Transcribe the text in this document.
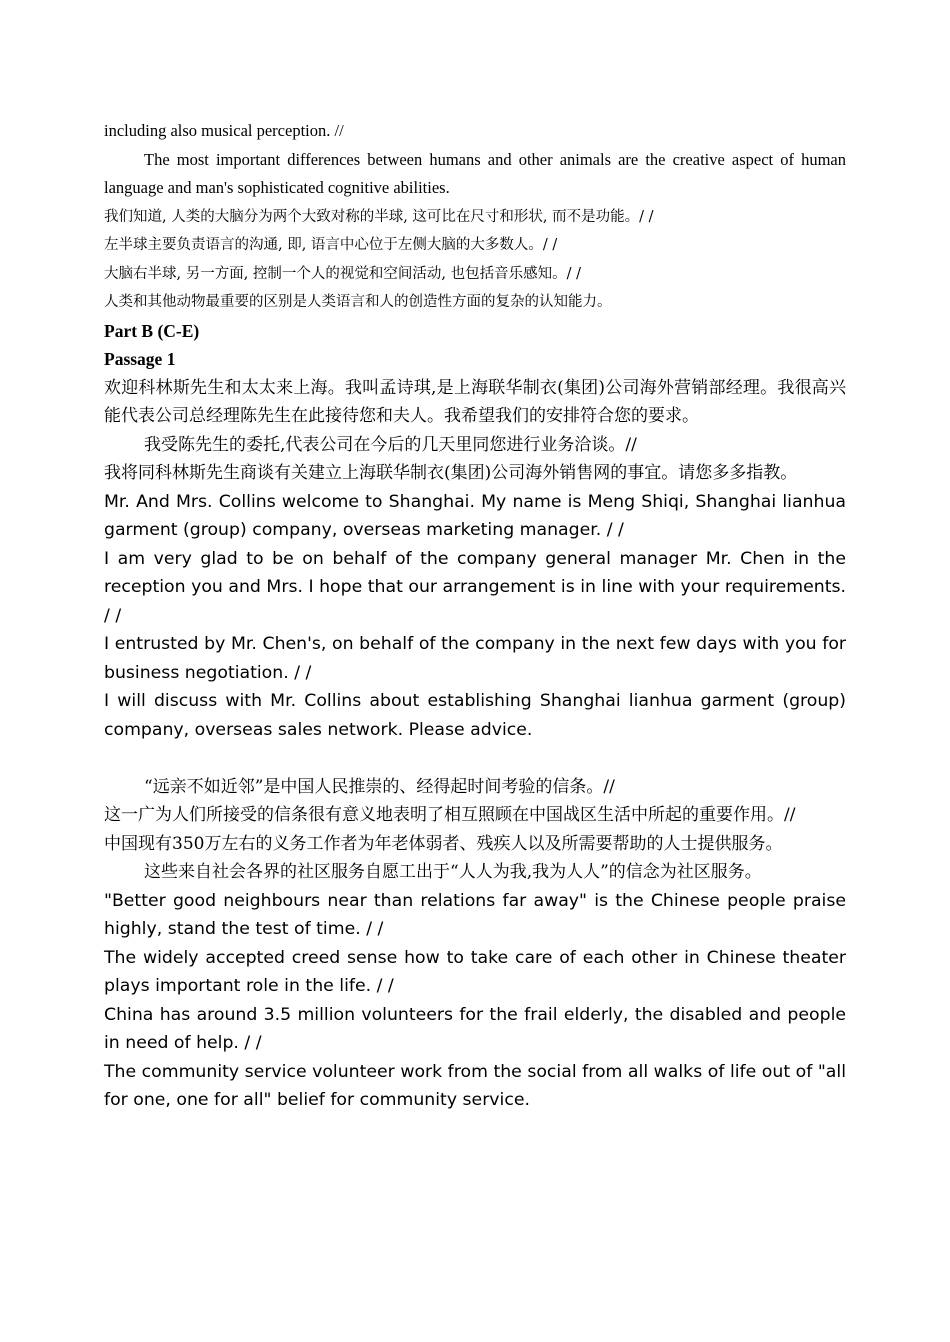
including also musical perception. //

The most important differences between humans and other animals are the creative aspect of human language and man's sophisticated cognitive abilities.

我们知道, 人类的大脑分为两个大致对称的半球, 这可比在尺寸和形状, 而不是功能。/ /

左半球主要负责语言的沟通, 即, 语言中心位于左侧大脑的大多数人。/ /

大脑右半球, 另一方面, 控制一个人的视觉和空间活动, 也包括音乐感知。/ /

人类和其他动物最重要的区别是人类语言和人的创造性方面的复杂的认知能力。

Part B (C-E)

Passage 1

欢迎科林斯先生和太太来上海。我叫孟诗琪,是上海联华制衣(集团)公司海外营销部经理。我很高兴能代表公司总经理陈先生在此接待您和夫人。我希望我们的安排符合您的要求。

我受陈先生的委托,代表公司在今后的几天里同您进行业务洽谈。//

我将同科林斯先生商谈有关建立上海联华制衣(集团)公司海外销售网的事宜。请您多多指教。

Mr. And Mrs. Collins welcome to Shanghai. My name is Meng Shiqi, Shanghai lianhua garment (group) company, overseas marketing manager. / /

I am very glad to be on behalf of the company general manager Mr. Chen in the reception you and Mrs. I hope that our arrangement is in line with your requirements. / /

I entrusted by Mr. Chen's, on behalf of the company in the next few days with you for business negotiation. / /

I will discuss with Mr. Collins about establishing Shanghai lianhua garment (group) company, overseas sales network. Please advice.

“远亲不如近邻”是中国人民推崇的、经得起时间考验的信条。//

这一广为人们所接受的信条很有意义地表明了相互照顾在中国战区生活中所起的重要作用。//

中国现有350万左右的义务工作者为年老体弱者、残疾人以及所需要帮助的人士提供服务。

这些来自社会各界的社区服务自愿工出于“人人为我,我为人人”的信念为社区服务。

"Better good neighbours near than relations far away" is the Chinese people praise highly, stand the test of time. / /

The widely accepted creed sense how to take care of each other in Chinese theater plays important role in the life. / /

China has around 3.5 million volunteers for the frail elderly, the disabled and people in need of help. / /

The community service volunteer work from the social from all walks of life out of "all for one, one for all" belief for community service.
